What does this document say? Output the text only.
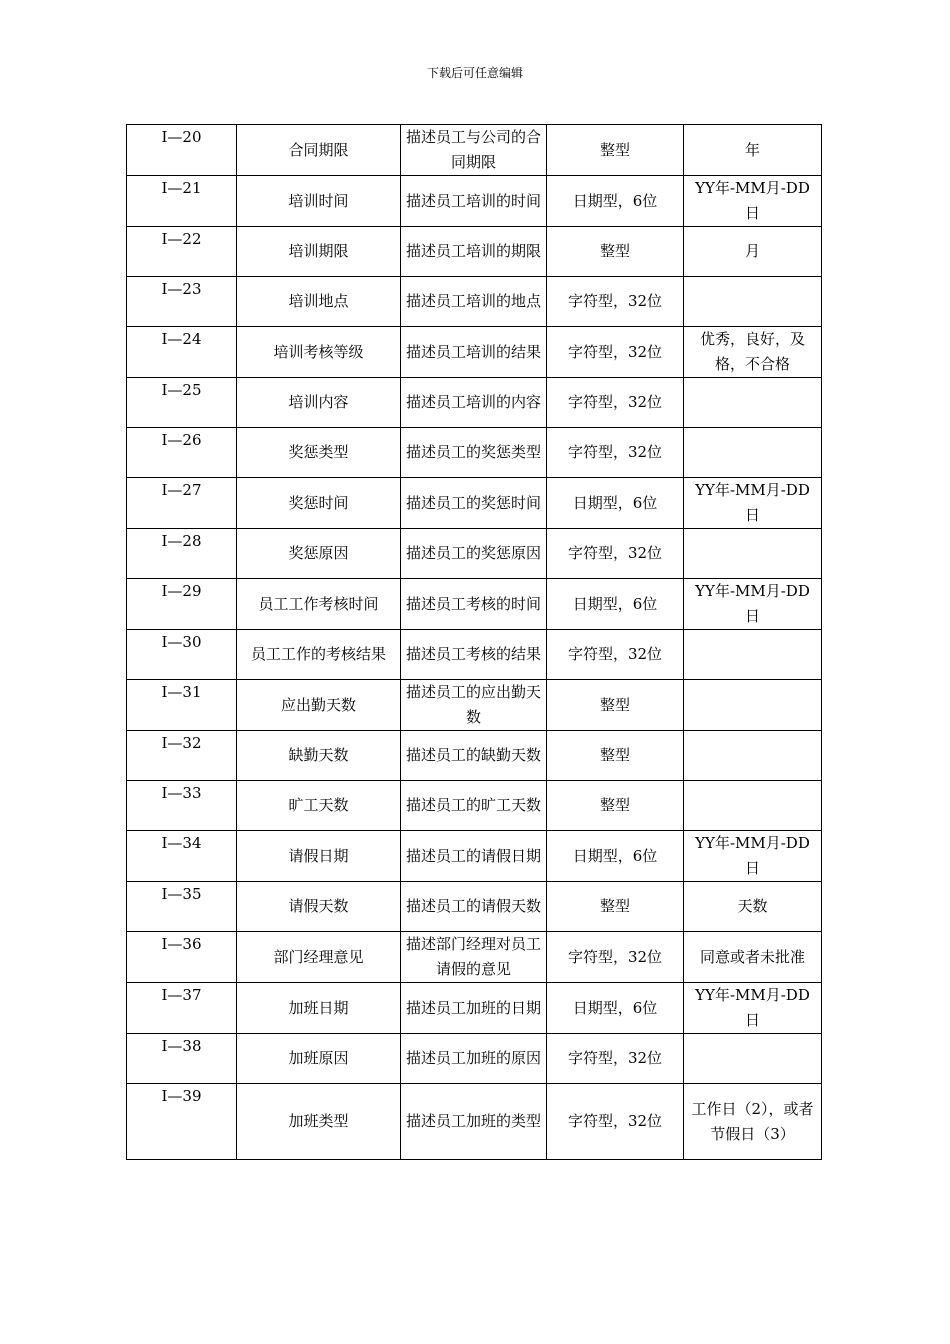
下载后可任意编辑
I—20	合同期限	描述员工与公司的合同期限	整型	年
I—21	培训时间	描述员工培训的时间	日期型，6位	YY年-MM月-DD日
I—22	培训期限	描述员工培训的期限	整型	月
I—23	培训地点	描述员工培训的地点	字符型，32位	
I—24	培训考核等级	描述员工培训的结果	字符型，32位	优秀，良好，及格，不合格
I—25	培训内容	描述员工培训的内容	字符型，32位	
I—26	奖惩类型	描述员工的奖惩类型	字符型，32位	
I—27	奖惩时间	描述员工的奖惩时间	日期型，6位	YY年-MM月-DD日
I—28	奖惩原因	描述员工的奖惩原因	字符型，32位	
I—29	员工工作考核时间	描述员工考核的时间	日期型，6位	YY年-MM月-DD日
I—30	员工工作的考核结果	描述员工考核的结果	字符型，32位	
I—31	应出勤天数	描述员工的应出勤天数	整型	
I—32	缺勤天数	描述员工的缺勤天数	整型	
I—33	旷工天数	描述员工的旷工天数	整型	
I—34	请假日期	描述员工的请假日期	日期型，6位	YY年-MM月-DD日
I—35	请假天数	描述员工的请假天数	整型	天数
I—36	部门经理意见	描述部门经理对员工请假的意见	字符型，32位	同意或者未批准
I—37	加班日期	描述员工加班的日期	日期型，6位	YY年-MM月-DD日
I—38	加班原因	描述员工加班的原因	字符型，32位	
I—39	加班类型	描述员工加班的类型	字符型，32位	工作日（2），或者节假日（3）
